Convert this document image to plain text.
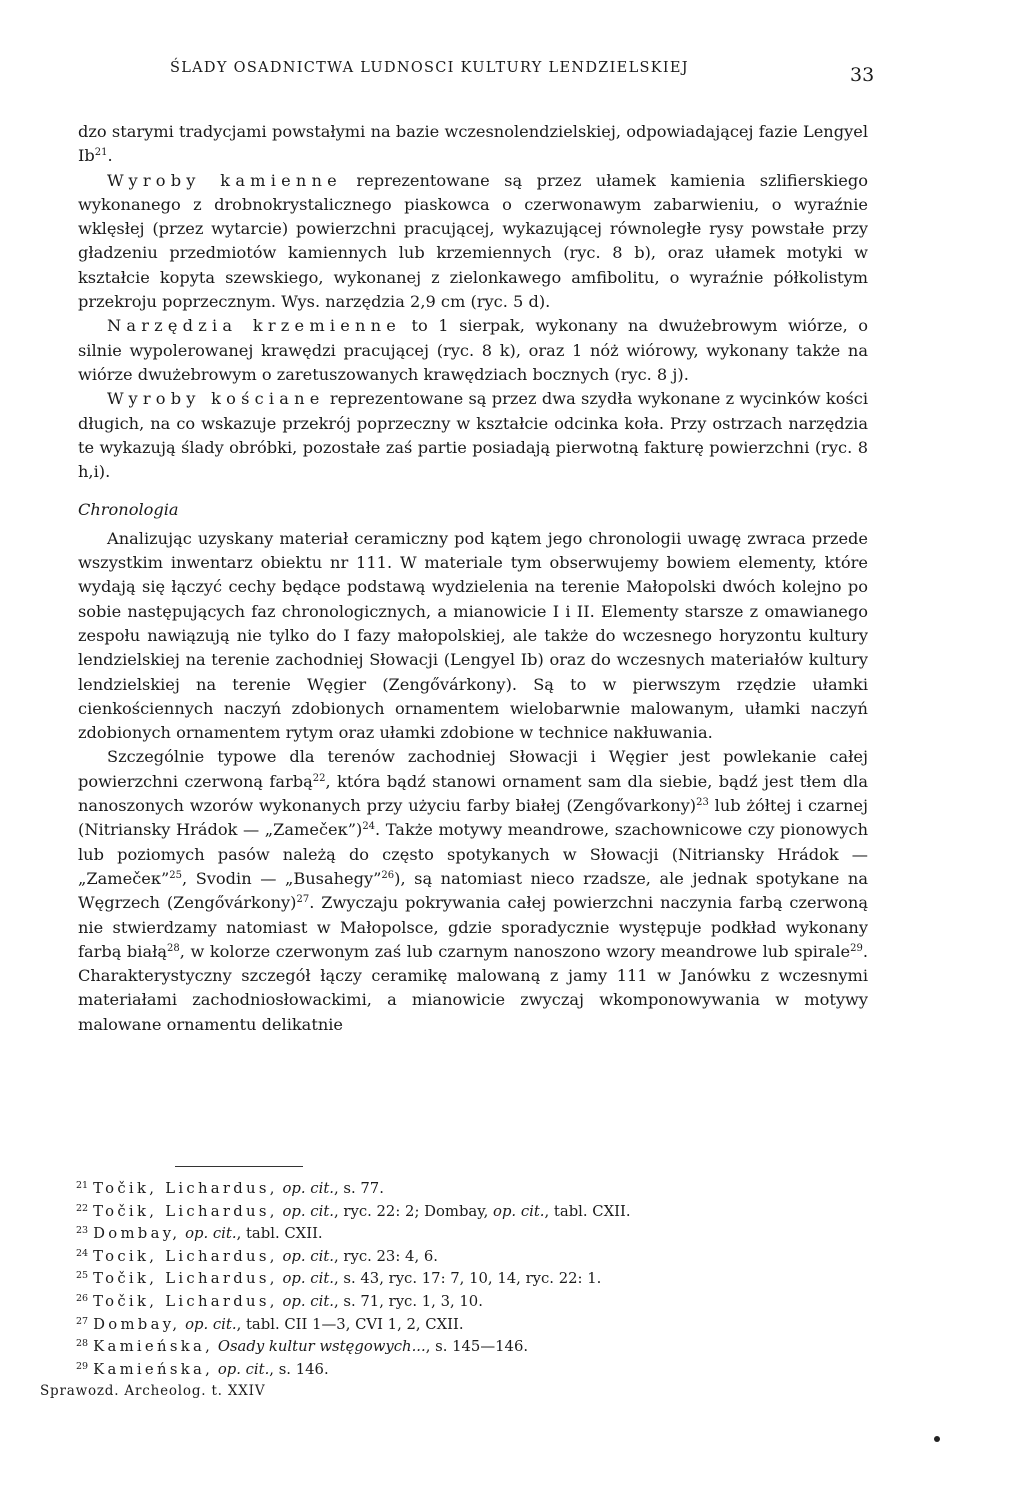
ŚLADY OSADNICTWA LUDNOSCI KULTURY LENDZIELSKIEJ	33

dzo starymi tradycjami powstałymi na bazie wczesnolendzielskiej, odpowiadającej fazie Lengyel Ib$^{21}$.

Wyroby kamienne reprezentowane są przez ułamek kamienia szlifierskiego wykonanego z drobnokrystalicznego piaskowca o czerwonawym zabarwieniu, o wyraźnie wklęsłej (przez wytarcie) powierzchni pracującej, wykazującej równoległe rysy powstałe przy gładzeniu przedmiotów kamiennych lub krzemiennych (ryc. 8 b), oraz ułamek motyki w kształcie kopyta szewskiego, wykonanej z zielonkawego amfibolitu, o wyraźnie półkolistym przekroju poprzecznym. Wys. narzędzia 2,9 cm (ryc. 5 d).

Narzędzia krzemienne to 1 sierpak, wykonany na dwużebrowym wiórze, o silnie wypolerowanej krawędzi pracującej (ryc. 8 k), oraz 1 nóż wiórowy, wykonany także na wiórze dwużebrowym o zaretuszowanych krawędziach bocznych (ryc. 8 j).

Wyroby kościane reprezentowane są przez dwa szydła wykonane z wycinków kości długich, na co wskazuje przekrój poprzeczny w kształcie odcinka koła. Przy ostrzach narzędzia te wykazują ślady obróbki, pozostałe zaś partie posiadają pierwotną fakturę powierzchni (ryc. 8 h,i).

Chronologia

Analizując uzyskany materiał ceramiczny pod kątem jego chronologii uwagę zwraca przede wszystkim inwentarz obiektu nr 111. W materiale tym obserwujemy bowiem elementy, które wydają się łączyć cechy będące podstawą wydzielenia na terenie Małopolski dwóch kolejno po sobie następujących faz chronologicznych, a mianowicie I i II. Elementy starsze z omawianego zespołu nawiązują nie tylko do I fazy małopolskiej, ale także do wczesnego horyzontu kultury lendzielskiej na terenie zachodniej Słowacji (Lengyel Ib) oraz do wczesnych materiałów kultury lendzielskiej na terenie Węgier (Zengővárkony). Są to w pierwszym rzędzie ułamki cienkościennych naczyń zdobionych ornamentem wielobarwnie malowanym, ułamki naczyń zdobionych ornamentem rytym oraz ułamki zdobione w technice nakłuwania.

Szczególnie typowe dla terenów zachodniej Słowacji i Węgier jest powlekanie całej powierzchni czerwoną farbą$^{22}$, która bądź stanowi ornament sam dla siebie, bądź jest tłem dla nanoszonych wzorów wykonanych przy użyciu farby białej (Zengővarkony)$^{23}$ lub żółtej i czarnej (Nitriansky Hrádok — „Zamečeк”)$^{24}$. Także motywy meandrowe, szachownicowe czy pionowych lub poziomych pasów należą do często spotykanych w Słowacji (Nitriansky Hrádok — „Zamečeк”$^{25}$, Svodin — „Busahegy”$^{26}$), są natomiast nieco rzadsze, ale jednak spotykane na Węgrzech (Zengővárkony)$^{27}$. Zwyczaju pokrywania całej powierzchni naczynia farbą czerwoną nie stwierdzamy natomiast w Małopolsce, gdzie sporadycznie występuje podkład wykonany farbą białą$^{28}$, w kolorze czerwonym zaś lub czarnym nanoszono wzory meandrowe lub spirale$^{29}$. Charakterystyczny szczegół łączy ceramikę malowaną z jamy 111 w Janówku z wczesnymi materiałami zachodniosłowackimi, a mianowicie zwyczaj wkomponowywania w motywy malowane ornamentu delikatnie

$^{21}$ Točik, Lichardus, op. cit., s. 77.
$^{22}$ Točik, Lichardus, op. cit., ryc. 22: 2; Dombay, op. cit., tabl. CXII.
$^{23}$ Dombay, op. cit., tabl. CXII.
$^{24}$ Tocik, Lichardus, op. cit., ryc. 23: 4, 6.
$^{25}$ Točik, Lichardus, op. cit., s. 43, ryc. 17: 7, 10, 14, ryc. 22: 1.
$^{26}$ Točik, Lichardus, op. cit., s. 71, ryc. 1, 3, 10.
$^{27}$ Dombay, op. cit., tabl. CII 1—3, CVI 1, 2, CXII.
$^{28}$ Kamieńska, Osady kultur wstęgowych..., s. 145—146.
$^{29}$ Kamieńska, op. cit., s. 146.
Sprawozd. Archeolog. t. XXIV
